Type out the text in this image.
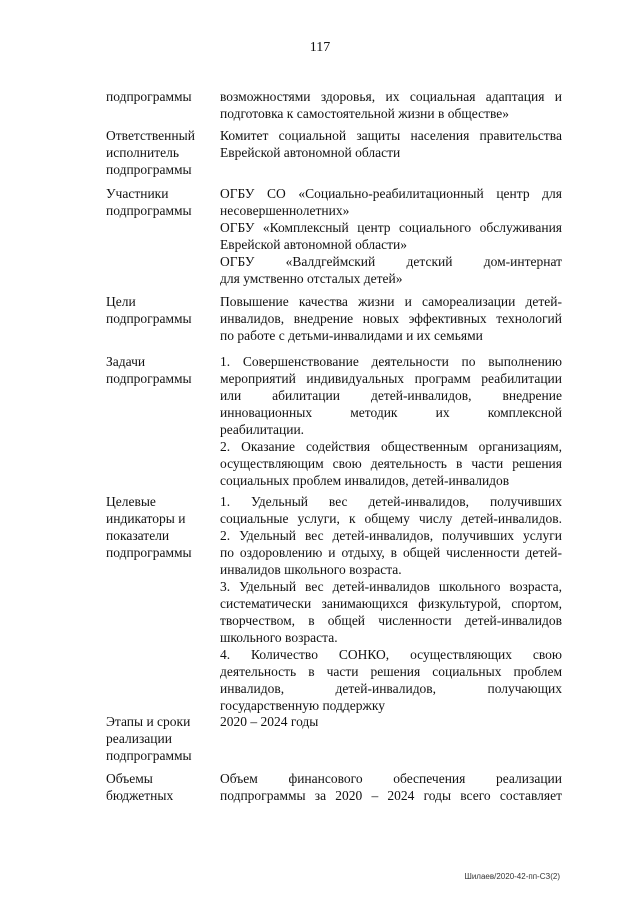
117
подпрограммы	возможностями здоровья, их социальная адаптация и
подготовка к самостоятельной жизни в обществе»
Ответственный
исполнитель
подпрограммы
Комитет социальной защиты населения правительства
Еврейской автономной области
Участники
подпрограммы
ОГБУ СО «Социально-реабилитационный центр для
несовершеннолетних»
ОГБУ «Комплексный центр социального обслуживания
Еврейской автономной области»
ОГБУ «Валдгеймский детский дом-интернат
для умственно отсталых детей»
Цели
подпрограммы
Повышение качества жизни и самореализации детей-
инвалидов, внедрение новых эффективных технологий
по работе с детьми-инвалидами и их семьями
Задачи
подпрограммы
1. Совершенствование деятельности по выполнению
мероприятий индивидуальных программ реабилитации
или абилитации детей-инвалидов, внедрение
инновационных методик их комплексной
реабилитации.
2. Оказание содействия общественным организациям,
осуществляющим свою деятельность в части решения
социальных проблем инвалидов, детей-инвалидов
Целевые
индикаторы и
показатели
подпрограммы
1. Удельный вес детей-инвалидов, получивших
социальные услуги, к общему числу детей-инвалидов.
2. Удельный вес детей-инвалидов, получивших услуги
по оздоровлению и отдыху, в общей численности детей-
инвалидов школьного возраста.
3. Удельный вес детей-инвалидов школьного возраста,
систематически занимающихся физкультурой, спортом,
творчеством, в общей численности детей-инвалидов
школьного возраста.
4. Количество СОНКО, осуществляющих свою
деятельность в части решения социальных проблем
инвалидов, детей-инвалидов, получающих
государственную поддержку
Этапы и сроки
реализации
подпрограммы
2020 – 2024 годы
Объемы
бюджетных
Объем финансового обеспечения реализации
подпрограммы за 2020 – 2024 годы всего составляет
Шилаев/2020-42-пп-СЗ(2)
